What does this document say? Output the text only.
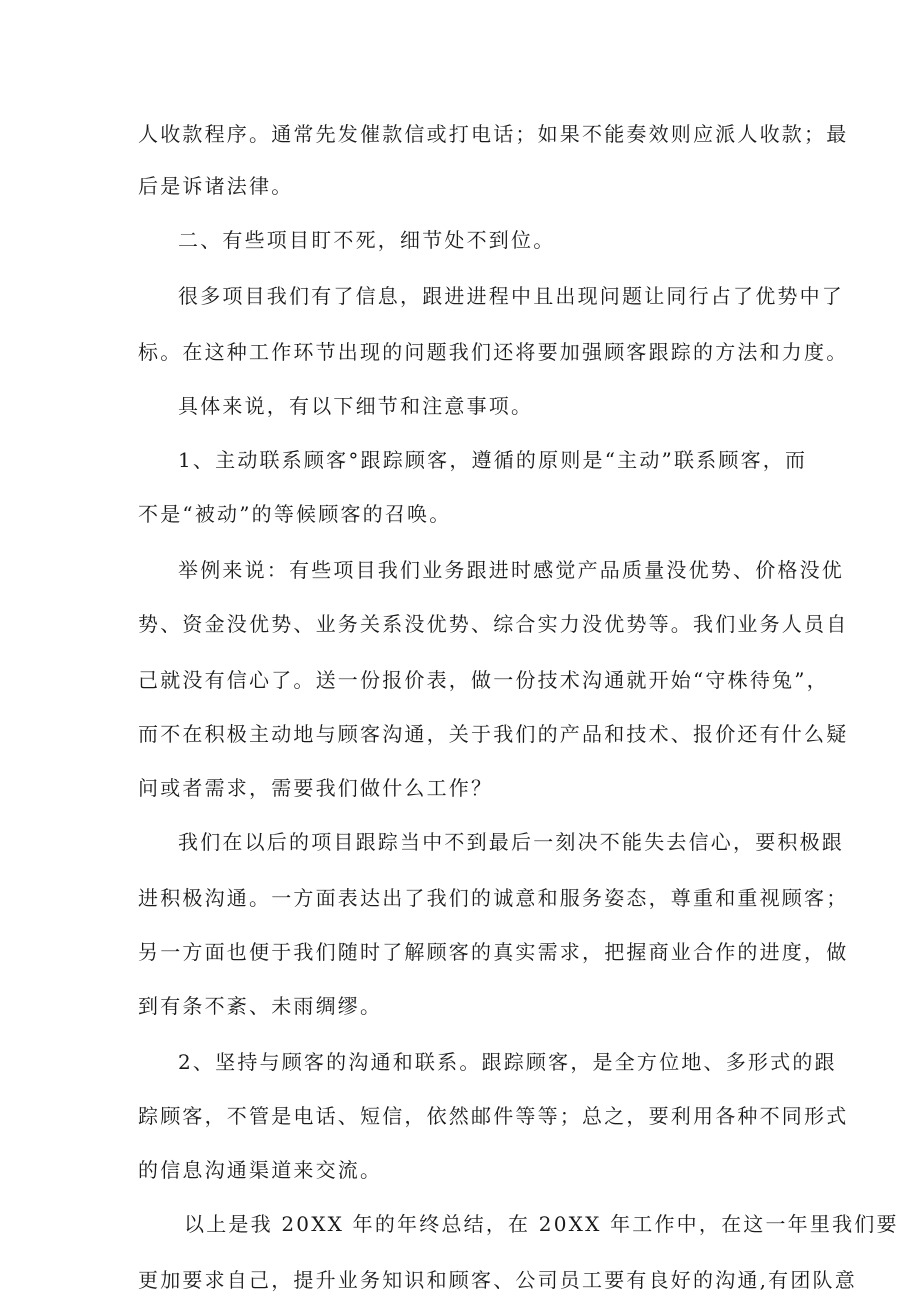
人收款程序。通常先发催款信或打电话；如果不能奏效则应派人收款；最
后是诉诸法律。
二、有些项目盯不死，细节处不到位。
很多项目我们有了信息，跟进进程中且出现问题让同行占了优势中了
标。在这种工作环节出现的问题我们还将要加强顾客跟踪的方法和力度。
具体来说，有以下细节和注意事项。
1、主动联系顾客°跟踪顾客，遵循的原则是“主动”联系顾客，而
不是“被动”的等候顾客的召唤。
举例来说：有些项目我们业务跟进时感觉产品质量没优势、价格没优
势、资金没优势、业务关系没优势、综合实力没优势等。我们业务人员自
己就没有信心了。送一份报价表，做一份技术沟通就开始“守株待兔”，
而不在积极主动地与顾客沟通，关于我们的产品和技术、报价还有什么疑
问或者需求，需要我们做什么工作？
我们在以后的项目跟踪当中不到最后一刻决不能失去信心，要积极跟
进积极沟通。一方面表达出了我们的诚意和服务姿态，尊重和重视顾客；
另一方面也便于我们随时了解顾客的真实需求，把握商业合作的进度，做
到有条不紊、未雨绸缪。
2、坚持与顾客的沟通和联系。跟踪顾客，是全方位地、多形式的跟
踪顾客，不管是电话、短信，依然邮件等等；总之，要利用各种不同形式
的信息沟通渠道来交流。
以上是我 20XX 年的年终总结，在 20XX 年工作中，在这一年里我们要
更加要求自己，提升业务知识和顾客、公司员工要有良好的沟通,有团队意
